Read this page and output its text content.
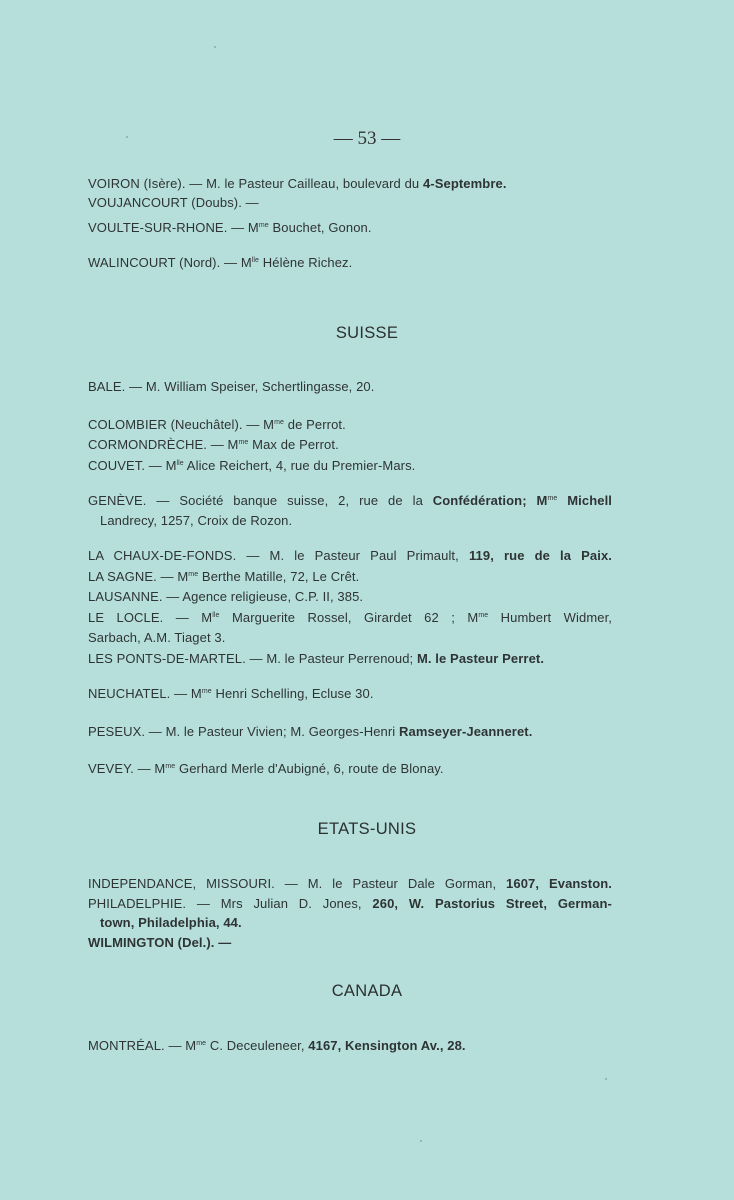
— 53 —
VOIRON (Isère). — M. le Pasteur Cailleau, boulevard du 4-Septembre.
VOUJANCOURT (Doubs). —
VOULTE-SUR-RHONE. — $M^{me}$ Bouchet, Gonon.
WALINCOURT (Nord). — $M^{lle}$ Hélène Richez.
SUISSE
BALE. — M. William Speiser, Schertlingasse, 20.
COLOMBIER (Neuchâtel). — $M^{me}$ de Perrot.
CORMONDRÈCHE. — $M^{me}$ Max de Perrot.
COUVET. — $M^{lle}$ Alice Reichert, 4, rue du Premier-Mars.
GENÈVE. — Société banque suisse, 2, rue de la Confédération; $M^{me}$ Michell
Landrecy, 1257, Croix de Rozon.
LA CHAUX-DE-FONDS. — M. le Pasteur Paul Primault, 119, rue de la Paix.
LA SAGNE. — $M^{me}$ Berthe Matille, 72, Le Crêt.
LAUSANNE. — Agence religieuse, C.P. II, 385.
LE LOCLE. — $M^{lle}$ Marguerite Rossel, Girardet 62 ; $M^{me}$ Humbert Widmer,
Sarbach, A.M. Tiaget 3.
LES PONTS-DE-MARTEL. — M. le Pasteur Perrenoud; M. le Pasteur Perret.
NEUCHATEL. — $M^{me}$ Henri Schelling, Ecluse 30.
PESEUX. — M. le Pasteur Vivien; M. Georges-Henri Ramseyer-Jeanneret.
VEVEY. — $M^{me}$ Gerhard Merle d'Aubigné, 6, route de Blonay.
ETATS-UNIS
INDEPENDANCE, MISSOURI. — M. le Pasteur Dale Gorman, 1607, Evanston.
PHILADELPHIE. — Mrs Julian D. Jones, 260, W. Pastorius Street, German-
town, Philadelphia, 44.
WILMINGTON (Del.). —
CANADA
MONTRÉAL. — $M^{me}$ C. Deceuleneer, 4167, Kensington Av., 28.
